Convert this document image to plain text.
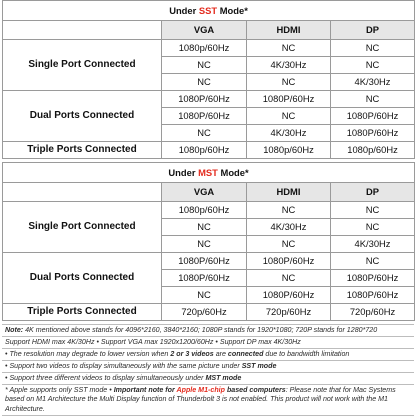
Under SST Mode*			
	VGA	HDMI	DP
Single Port Connected	1080p/60Hz	NC	NC
	NC	4K/30Hz	NC
	NC	NC	4K/30Hz
Dual Ports Connected	1080P/60Hz	1080P/60Hz	NC
	1080P/60Hz	NC	1080P/60Hz
	NC	4K/30Hz	1080P/60Hz
Triple Ports Connected	1080p/60Hz	1080p/60Hz	1080p/60Hz
Under MST Mode*			
	VGA	HDMI	DP
Single Port Connected	1080p/60Hz	NC	NC
	NC	4K/30Hz	NC
	NC	NC	4K/30Hz
Dual Ports Connected	1080P/60Hz	1080P/60Hz	NC
	1080P/60Hz	NC	1080P/60Hz
	NC	1080P/60Hz	1080P/60Hz
Triple Ports Connected	720p/60Hz	720p/60Hz	720p/60Hz
Note: 4K mentioned above stands for 4096*2160, 3840*2160; 1080P stands for 1920*1080; 720P stands for 1280*720
Support HDMI max 4K/30Hz • Support VGA max 1920x1200/60Hz • Support DP max 4K/30Hz
• The resolution may degrade to lower version when 2 or 3 videos are connected due to bandwidth limitation
• Support two videos to display simultaneously with the same picture under SST mode
• Support three different videos to display simultaneously under MST mode
* Apple supports only SST mode • Important note for Apple M1-chip based computers: Please note that for Mac Systems based on M1 Architecture the Multi Display function of Thunderbolt 3 is not enabled. This product will not work with the M1 Architecture.
